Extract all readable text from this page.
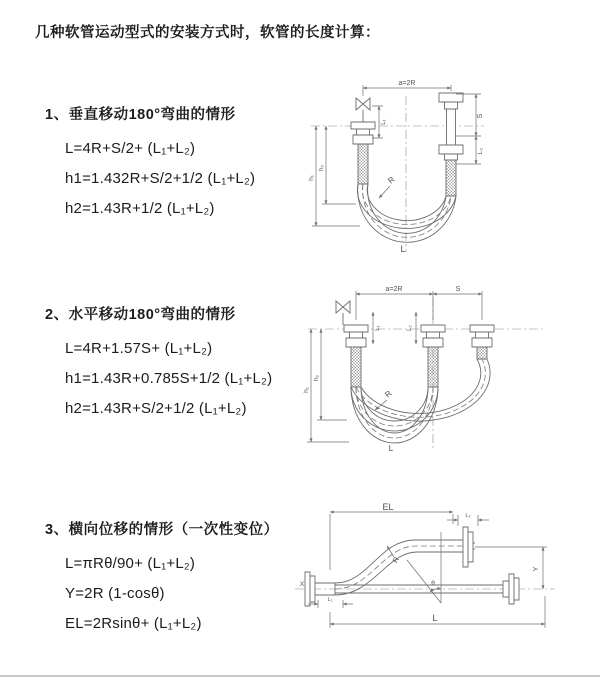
几种软管运动型式的安装方式时，软管的长度计算：
1、垂直移动180°弯曲的情形

L=4R+S/2+ (L₁+L₂)

h1=1.432R+S/2+1/2 (L₁+L₂)

h2=1.43R+1/2 (L₁+L₂)

2、水平移动180°弯曲的情形

L=4R+1.57S+ (L₁+L₂)

h1=1.43R+0.785S+1/2 (L₁+L₂)

h2=1.43R+S/2+1/2 (L₁+L₂)

3、横向位移的情形（一次性变位）

L=πRθ/90+ (L₁+L₂)

Y=2R (1-cosθ)

EL=2Rsinθ+ (L₁+L₂)

a=2R
S
L₂
L₁
h₁
h₂
R
L
a=2R	S
L₁	L₂
h₁
h₂
R
L
X	θ
R
EL
L₂
Y
L₁
L
